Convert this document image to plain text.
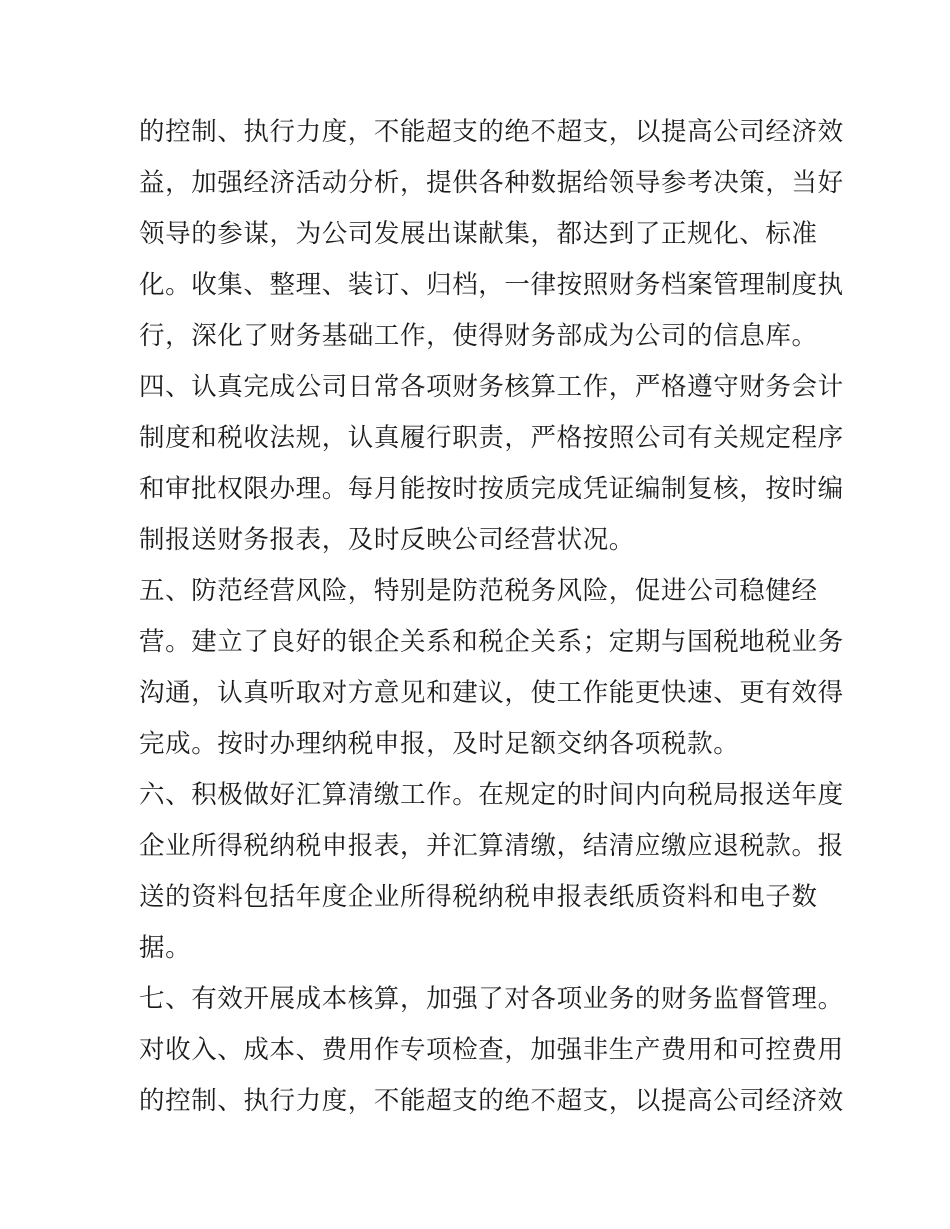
的控制、执行力度，不能超支的绝不超支，以提高公司经济效
益，加强经济活动分析，提供各种数据给领导参考决策，当好
领导的参谋，为公司发展出谋献集，都达到了正规化、标准
化。收集、整理、装订、归档，一律按照财务档案管理制度执
行，深化了财务基础工作，使得财务部成为公司的信息库。
四、认真完成公司日常各项财务核算工作，严格遵守财务会计
制度和税收法规，认真履行职责，严格按照公司有关规定程序
和审批权限办理。每月能按时按质完成凭证编制复核，按时编
制报送财务报表，及时反映公司经营状况。
五、防范经营风险，特别是防范税务风险，促进公司稳健经
营。建立了良好的银企关系和税企关系；定期与国税地税业务
沟通，认真听取对方意见和建议，使工作能更快速、更有效得
完成。按时办理纳税申报，及时足额交纳各项税款。
六、积极做好汇算清缴工作。在规定的时间内向税局报送年度
企业所得税纳税申报表，并汇算清缴，结清应缴应退税款。报
送的资料包括年度企业所得税纳税申报表纸质资料和电子数
据。
七、有效开展成本核算，加强了对各项业务的财务监督管理。
对收入、成本、费用作专项检查，加强非生产费用和可控费用
的控制、执行力度，不能超支的绝不超支，以提高公司经济效
